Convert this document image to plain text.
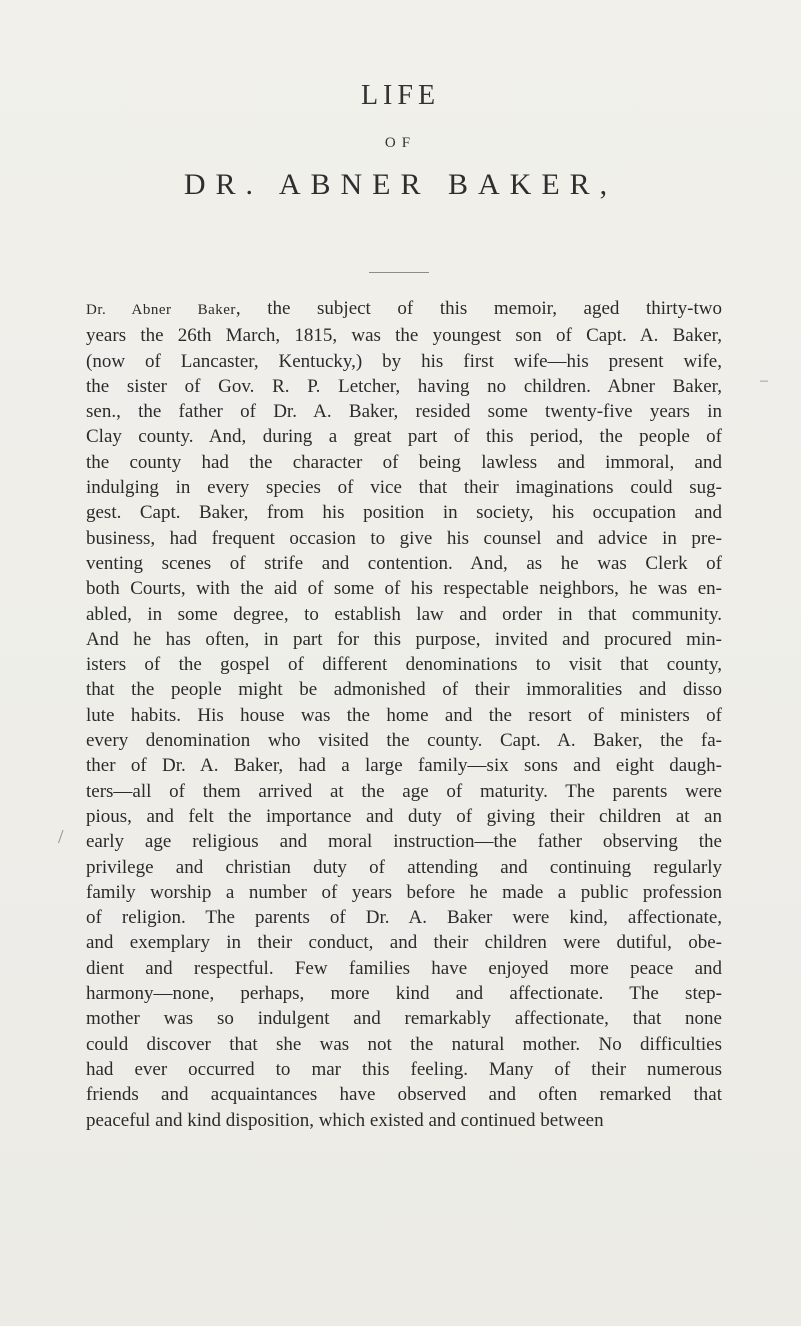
LIFE
OF
DR. ABNER BAKER,
–
/
Dr. Abner Baker, the subject of this memoir, aged thirty-two
years the 26th March, 1815, was the youngest son of Capt. A. Baker,
(now of Lancaster, Kentucky,) by his first wife—his present wife,
the sister of Gov. R. P. Letcher, having no children. Abner Baker,
sen., the father of Dr. A. Baker, resided some twenty-five years in
Clay county. And, during a great part of this period, the people of
the county had the character of being lawless and immoral, and
indulging in every species of vice that their imaginations could sug-
gest. Capt. Baker, from his position in society, his occupation and
business, had frequent occasion to give his counsel and advice in pre-
venting scenes of strife and contention. And, as he was Clerk of
both Courts, with the aid of some of his respectable neighbors, he was en-
abled, in some degree, to establish law and order in that community.
And he has often, in part for this purpose, invited and procured min-
isters of the gospel of different denominations to visit that county,
that the people might be admonished of their immoralities and disso
lute habits. His house was the home and the resort of ministers of
every denomination who visited the county. Capt. A. Baker, the fa-
ther of Dr. A. Baker, had a large family—six sons and eight daugh-
ters—all of them arrived at the age of maturity. The parents were
pious, and felt the importance and duty of giving their children at an
early age religious and moral instruction—the father observing the
privilege and christian duty of attending and continuing regularly
family worship a number of years before he made a public profession
of religion. The parents of Dr. A. Baker were kind, affectionate,
and exemplary in their conduct, and their children were dutiful, obe-
dient and respectful. Few families have enjoyed more peace and
harmony—none, perhaps, more kind and affectionate. The step-
mother was so indulgent and remarkably affectionate, that none
could discover that she was not the natural mother. No difficulties
had ever occurred to mar this feeling. Many of their numerous
friends and acquaintances have observed and often remarked that
peaceful and kind disposition, which existed and continued between
